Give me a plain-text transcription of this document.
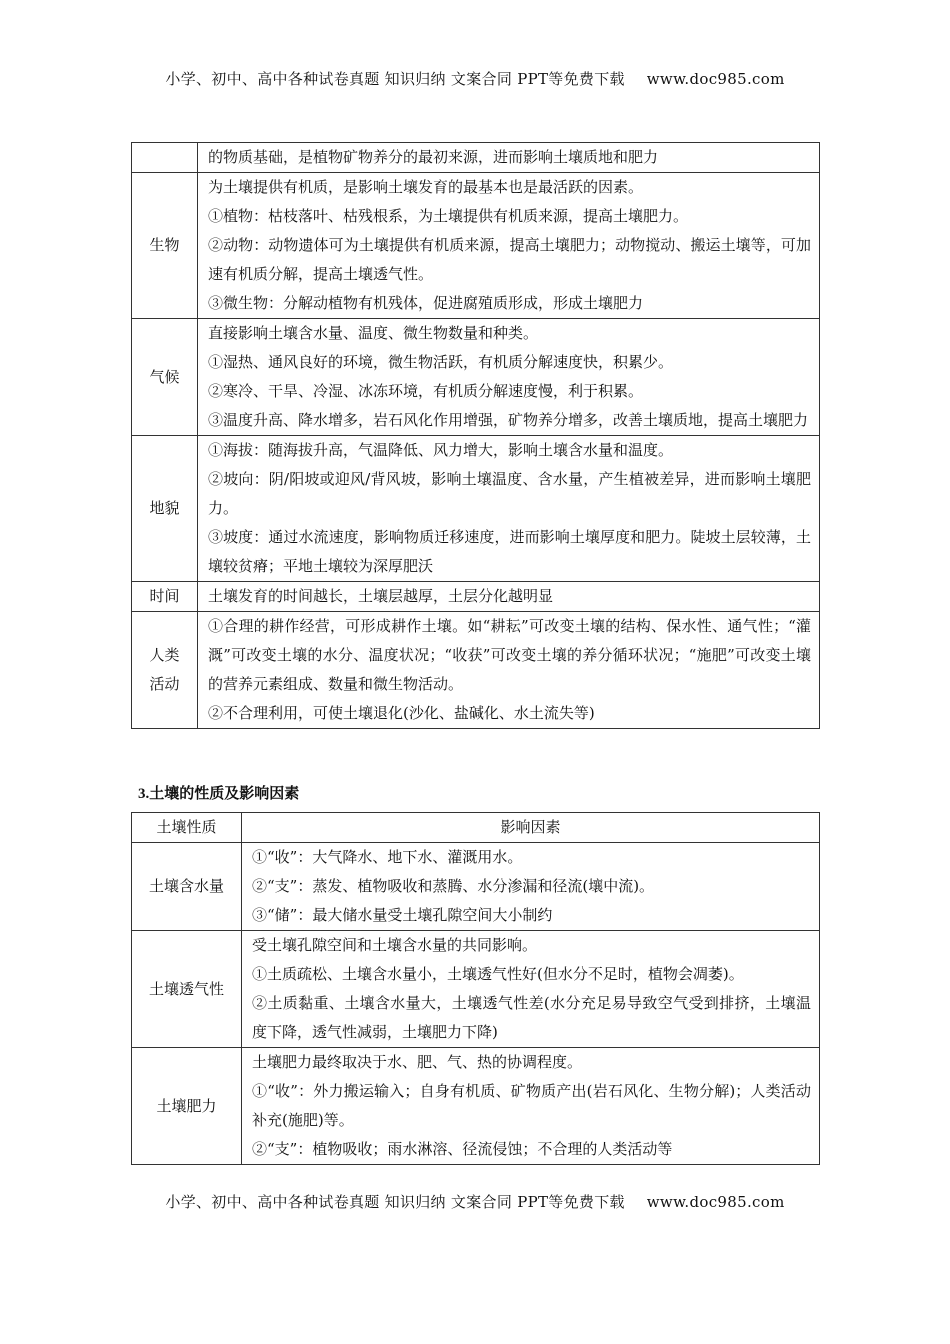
小学、初中、高中各种试卷真题 知识归纳 文案合同 PPT等免费下载 www.doc985.com

	的物质基础，是植物矿物养分的最初来源，进而影响土壤质地和肥力

生物	为土壤提供有机质，是影响土壤发育的最基本也是最活跃的因素。
①植物：枯枝落叶、枯残根系，为土壤提供有机质来源，提高土壤肥力。
②动物：动物遗体可为土壤提供有机质来源，提高土壤肥力；动物搅动、搬运土壤等，可加速有机质分解，提高土壤透气性。
③微生物：分解动植物有机残体，促进腐殖质形成，形成土壤肥力

气候	直接影响土壤含水量、温度、微生物数量和种类。
①湿热、通风良好的环境，微生物活跃，有机质分解速度快，积累少。
②寒冷、干旱、冷湿、冰冻环境，有机质分解速度慢，利于积累。
③温度升高、降水增多，岩石风化作用增强，矿物养分增多，改善土壤质地，提高土壤肥力

地貌	①海拔：随海拔升高，气温降低、风力增大，影响土壤含水量和温度。
②坡向：阴/阳坡或迎风/背风坡，影响土壤温度、含水量，产生植被差异，进而影响土壤肥力。
③坡度：通过水流速度，影响物质迁移速度，进而影响土壤厚度和肥力。陡坡土层较薄，土壤较贫瘠；平地土壤较为深厚肥沃

时间	土壤发育的时间越长，土壤层越厚，土层分化越明显

人类
活动	①合理的耕作经营，可形成耕作土壤。如“耕耘”可改变土壤的结构、保水性、通气性；“灌溉”可改变土壤的水分、温度状况；“收获”可改变土壤的养分循环状况；“施肥”可改变土壤的营养元素组成、数量和微生物活动。
②不合理利用，可使土壤退化(沙化、盐碱化、水土流失等)
3.土壤的性质及影响因素
土壤性质	影响因素
土壤含水量	①“收”：大气降水、地下水、灌溉用水。
②“支”：蒸发、植物吸收和蒸腾、水分渗漏和径流(壤中流)。
③“储”：最大储水量受土壤孔隙空间大小制约

土壤透气性	受土壤孔隙空间和土壤含水量的共同影响。
①土质疏松、土壤含水量小，土壤透气性好(但水分不足时，植物会凋萎)。
②土质黏重、土壤含水量大，土壤透气性差(水分充足易导致空气受到排挤，土壤温度下降，透气性减弱，土壤肥力下降)

土壤肥力	土壤肥力最终取决于水、肥、气、热的协调程度。
①“收”：外力搬运输入；自身有机质、矿物质产出(岩石风化、生物分解)；人类活动补充(施肥)等。
②“支”：植物吸收；雨水淋溶、径流侵蚀；不合理的人类活动等
小学、初中、高中各种试卷真题 知识归纳 文案合同 PPT等免费下载 www.doc985.com
